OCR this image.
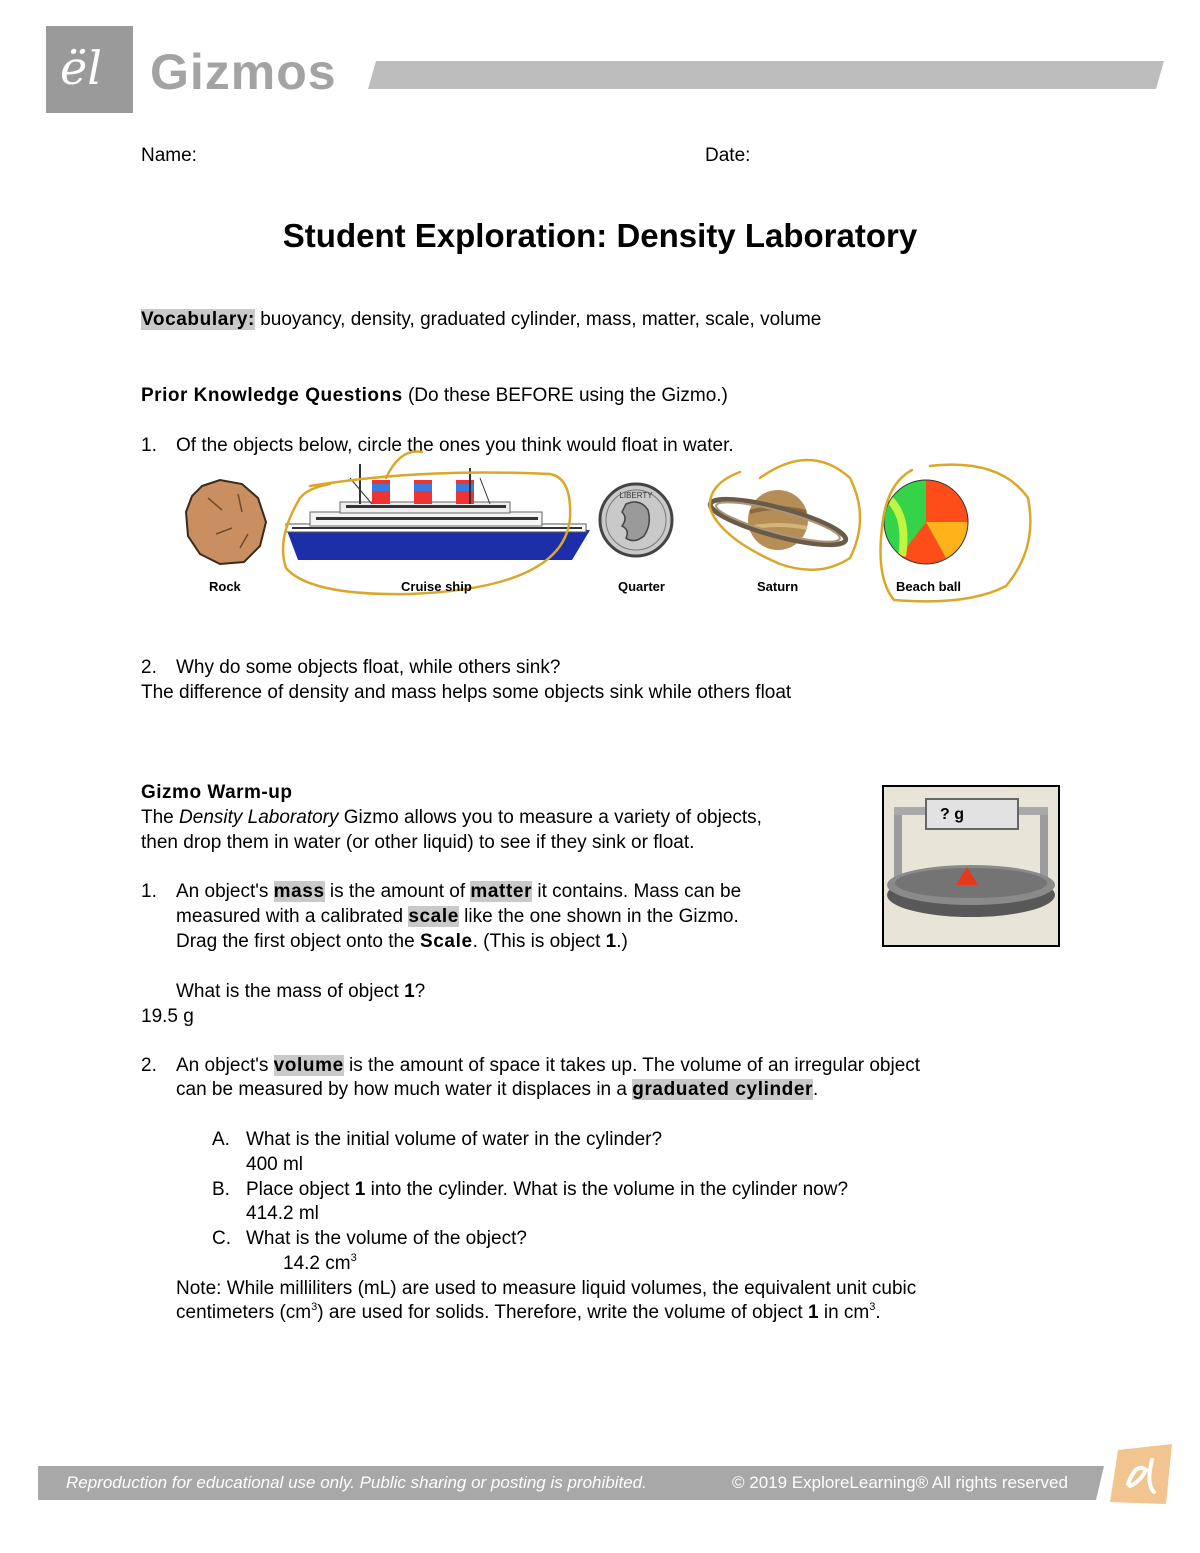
ël Gizmos
Name:	Date:
Student Exploration: Density Laboratory
Vocabulary: buoyancy, density, graduated cylinder, mass, matter, scale, volume
Prior Knowledge Questions (Do these BEFORE using the Gizmo.)
1. Of the objects below, circle the ones you think would float in water.
LIBERTY
Rock	Cruise ship	Quarter	Saturn	Beach ball
2. Why do some objects float, while others sink?
The difference of density and mass helps some objects sink while others float
Gizmo Warm-up
The Density Laboratory Gizmo allows you to measure a variety of objects,
then drop them in water (or other liquid) to see if they sink or float.
? g
1. An object's mass is the amount of matter it contains. Mass can be
measured with a calibrated scale like the one shown in the Gizmo.
Drag the first object onto the Scale. (This is object 1.)
What is the mass of object 1?
19.5 g
2. An object's volume is the amount of space it takes up. The volume of an irregular object
can be measured by how much water it displaces in a graduated cylinder.
A. What is the initial volume of water in the cylinder?
400 ml
B. Place object 1 into the cylinder. What is the volume in the cylinder now?
414.2 ml
C. What is the volume of the object?
14.2 $cm^3$
Note: While milliliters (mL) are used to measure liquid volumes, the equivalent unit cubic
centimeters $(cm^3)$ are used for solids. Therefore, write the volume of object 1 in $cm^3$.
Reproduction for educational use only. Public sharing or posting is prohibited.	© 2019 ExploreLearning® All rights reserved
